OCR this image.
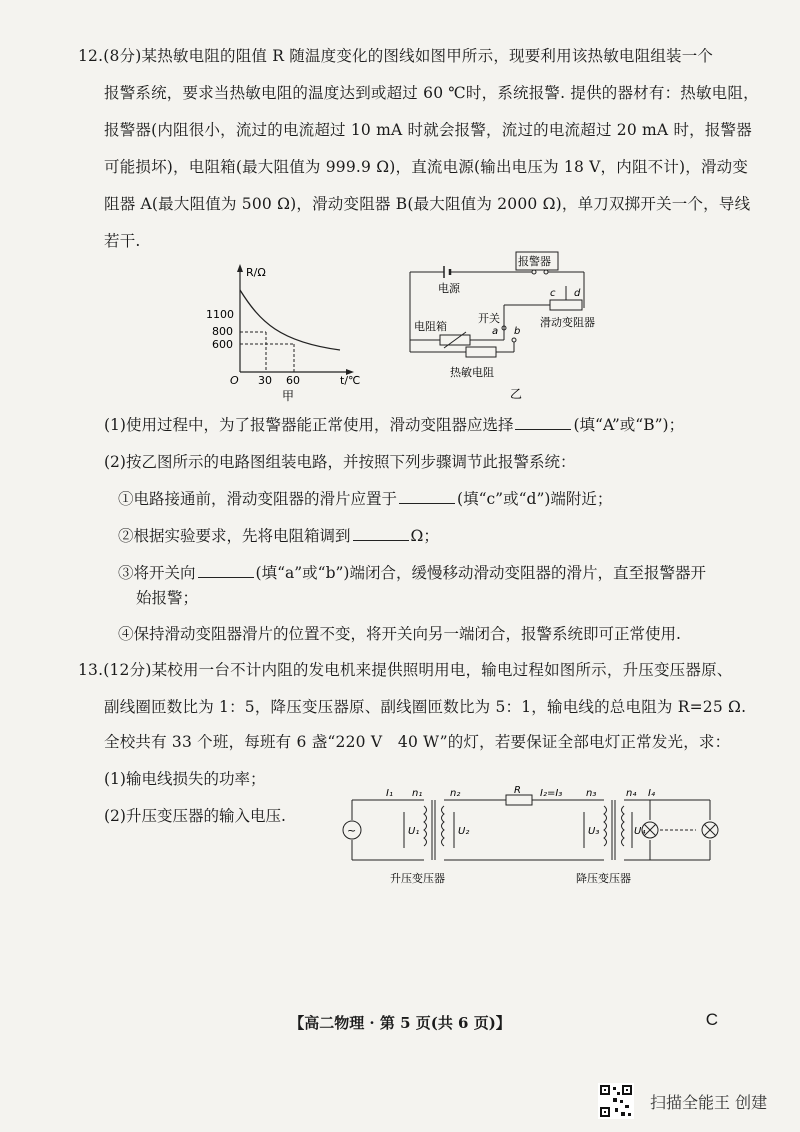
12.(8分)某热敏电阻的阻值 R 随温度变化的图线如图甲所示，现要利用该热敏电阻组装一个
报警系统，要求当热敏电阻的温度达到或超过 60 ℃时，系统报警. 提供的器材有：热敏电阻，
报警器(内阻很小，流过的电流超过 10 mA 时就会报警，流过的电流超过 20 mA 时，报警器
可能损坏)，电阻箱(最大阻值为 999.9 Ω)，直流电源(输出电压为 18 V，内阻不计)，滑动变
阻器 A(最大阻值为 500 Ω)，滑动变阻器 B(最大阻值为 2000 Ω)，单刀双掷开关一个，导线
若干.
R/Ω
t/℃
O
1100
800
600
30 60
甲
报警器
电源	c d
滑动变阻器
开关
a b
电阻箱
热敏电阻
乙
(1)使用过程中，为了报警器能正常使用，滑动变阻器应选择	(填“A”或“B”)；
(2)按乙图所示的电路图组装电路，并按照下列步骤调节此报警系统：
①电路接通前，滑动变阻器的滑片应置于	(填“c”或“d”)端附近；
②根据实验要求，先将电阻箱调到	Ω；
③将开关向	(填“a”或“b”)端闭合，缓慢移动滑动变阻器的滑片，直至报警器开
始报警；
④保持滑动变阻器滑片的位置不变，将开关向另一端闭合，报警系统即可正常使用.
13.(12分)某校用一台不计内阻的发电机来提供照明用电，输电过程如图所示，升压变压器原、
副线圈匝数比为 1：5，降压变压器原、副线圈匝数比为 5：1，输电线的总电阻为 R=25 Ω.
全校共有 33 个班，每班有 6 盏“220 V　40 W”的灯，若要保证全部电灯正常发光，求：
(1)输电线损失的功率；
(2)升压变压器的输入电压.
~
I₁ n₁
U₁
升压变压器
n₂	R I₂=I₃ n₃
U₂	U₃
降压变压器
n₄ I₄
U₄
【高二物理 · 第 5 页(共 6 页)】	C
扫描全能王 创建
